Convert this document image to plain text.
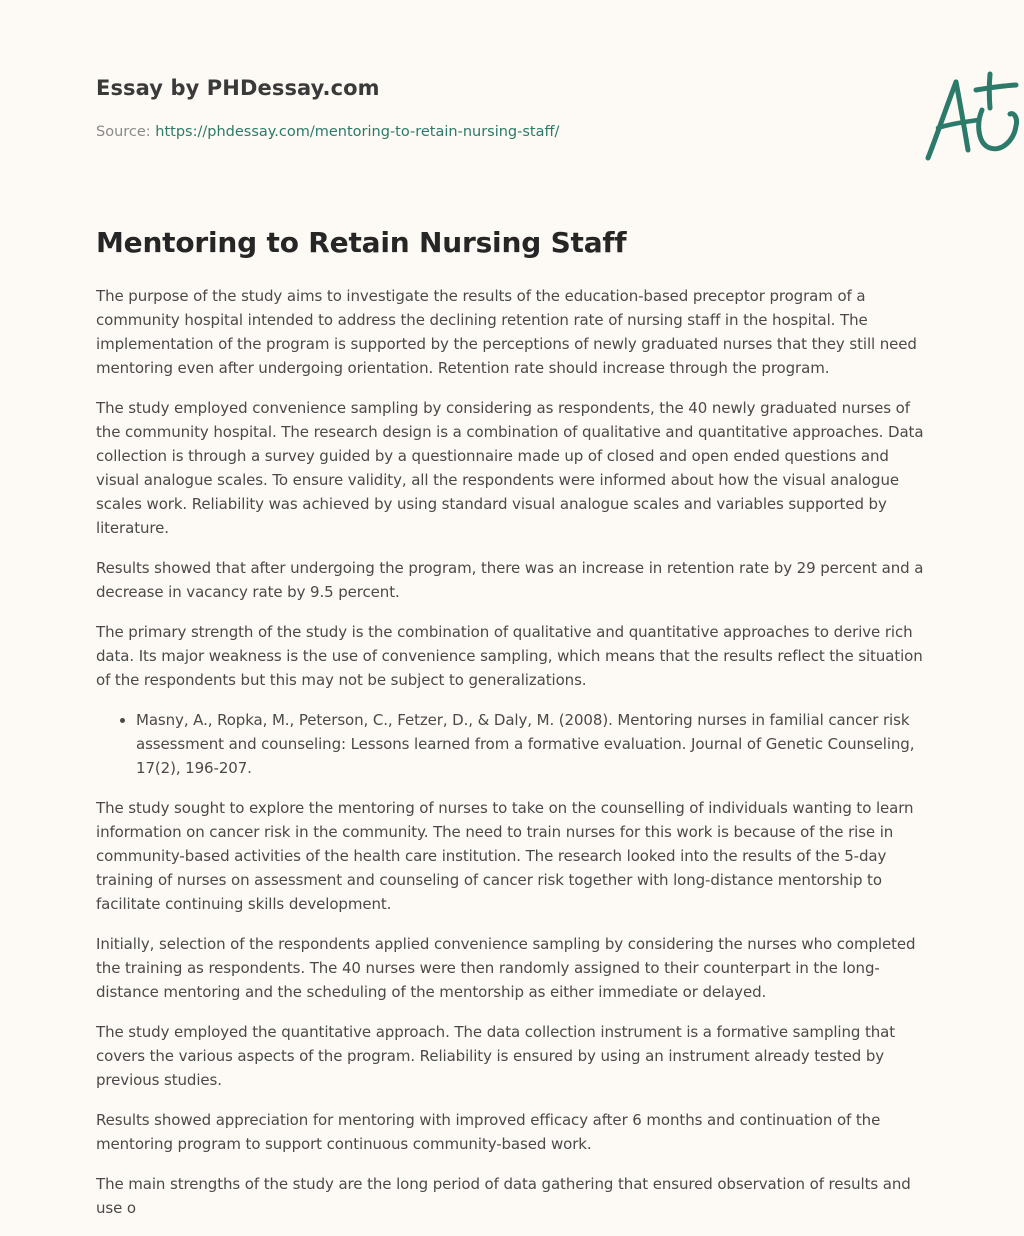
Essay by PHDessay.com
Source: https://phdessay.com/mentoring-to-retain-nursing-staff/
Mentoring to Retain Nursing Staff

The purpose of the study aims to investigate the results of the education-based preceptor program of a community hospital intended to address the declining retention rate of nursing staff in the hospital. The implementation of the program is supported by the perceptions of newly graduated nurses that they still need mentoring even after undergoing orientation. Retention rate should increase through the program.

The study employed convenience sampling by considering as respondents, the 40 newly graduated nurses of the community hospital. The research design is a combination of qualitative and quantitative approaches. Data collection is through a survey guided by a questionnaire made up of closed and open ended questions and visual analogue scales. To ensure validity, all the respondents were informed about how the visual analogue scales work. Reliability was achieved by using standard visual analogue scales and variables supported by literature.

Results showed that after undergoing the program, there was an increase in retention rate by 29 percent and a decrease in vacancy rate by 9.5 percent.

The primary strength of the study is the combination of qualitative and quantitative approaches to derive rich data. Its major weakness is the use of convenience sampling, which means that the results reflect the situation of the respondents but this may not be subject to generalizations.

• Masny, A., Ropka, M., Peterson, C., Fetzer, D., & Daly, M. (2008). Mentoring nurses in familial cancer risk assessment and counseling: Lessons learned from a formative evaluation. Journal of Genetic Counseling, 17(2), 196-207.

The study sought to explore the mentoring of nurses to take on the counselling of individuals wanting to learn information on cancer risk in the community. The need to train nurses for this work is because of the rise in community-based activities of the health care institution. The research looked into the results of the 5-day training of nurses on assessment and counseling of cancer risk together with long-distance mentorship to facilitate continuing skills development.

Initially, selection of the respondents applied convenience sampling by considering the nurses who completed the training as respondents. The 40 nurses were then randomly assigned to their counterpart in the long-distance mentoring and the scheduling of the mentorship as either immediate or delayed.

The study employed the quantitative approach. The data collection instrument is a formative sampling that covers the various aspects of the program. Reliability is ensured by using an instrument already tested by previous studies.

Results showed appreciation for mentoring with improved efficacy after 6 months and continuation of the mentoring program to support continuous community-based work.

The main strengths of the study are the long period of data gathering that ensured observation of results and use o
